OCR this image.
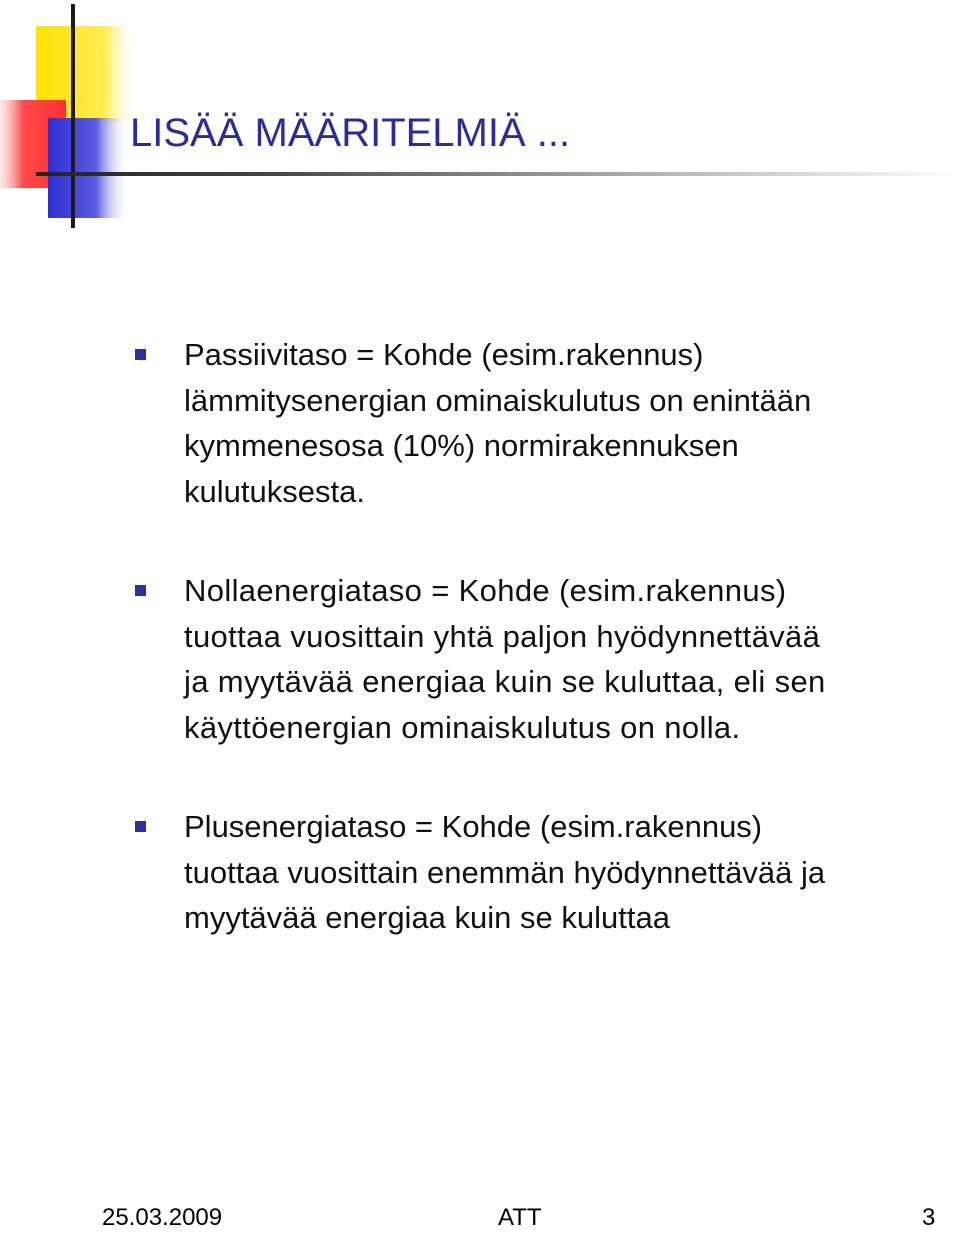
LISÄÄ MÄÄRITELMIÄ ...

Passiivitaso = Kohde (esim.rakennus)
lämmitysenergian ominaiskulutus on enintään
kymmenesosa (10%) normirakennuksen
kulutuksesta.

Nollaenergiataso = Kohde (esim.rakennus)
tuottaa vuosittain yhtä paljon hyödynnettävää
ja myytävää energiaa kuin se kuluttaa, eli sen
käyttöenergian ominaiskulutus on nolla.

Plusenergiataso = Kohde (esim.rakennus)
tuottaa vuosittain enemmän hyödynnettävää ja
myytävää energiaa kuin se kuluttaa

25.03.2009	ATT	3
